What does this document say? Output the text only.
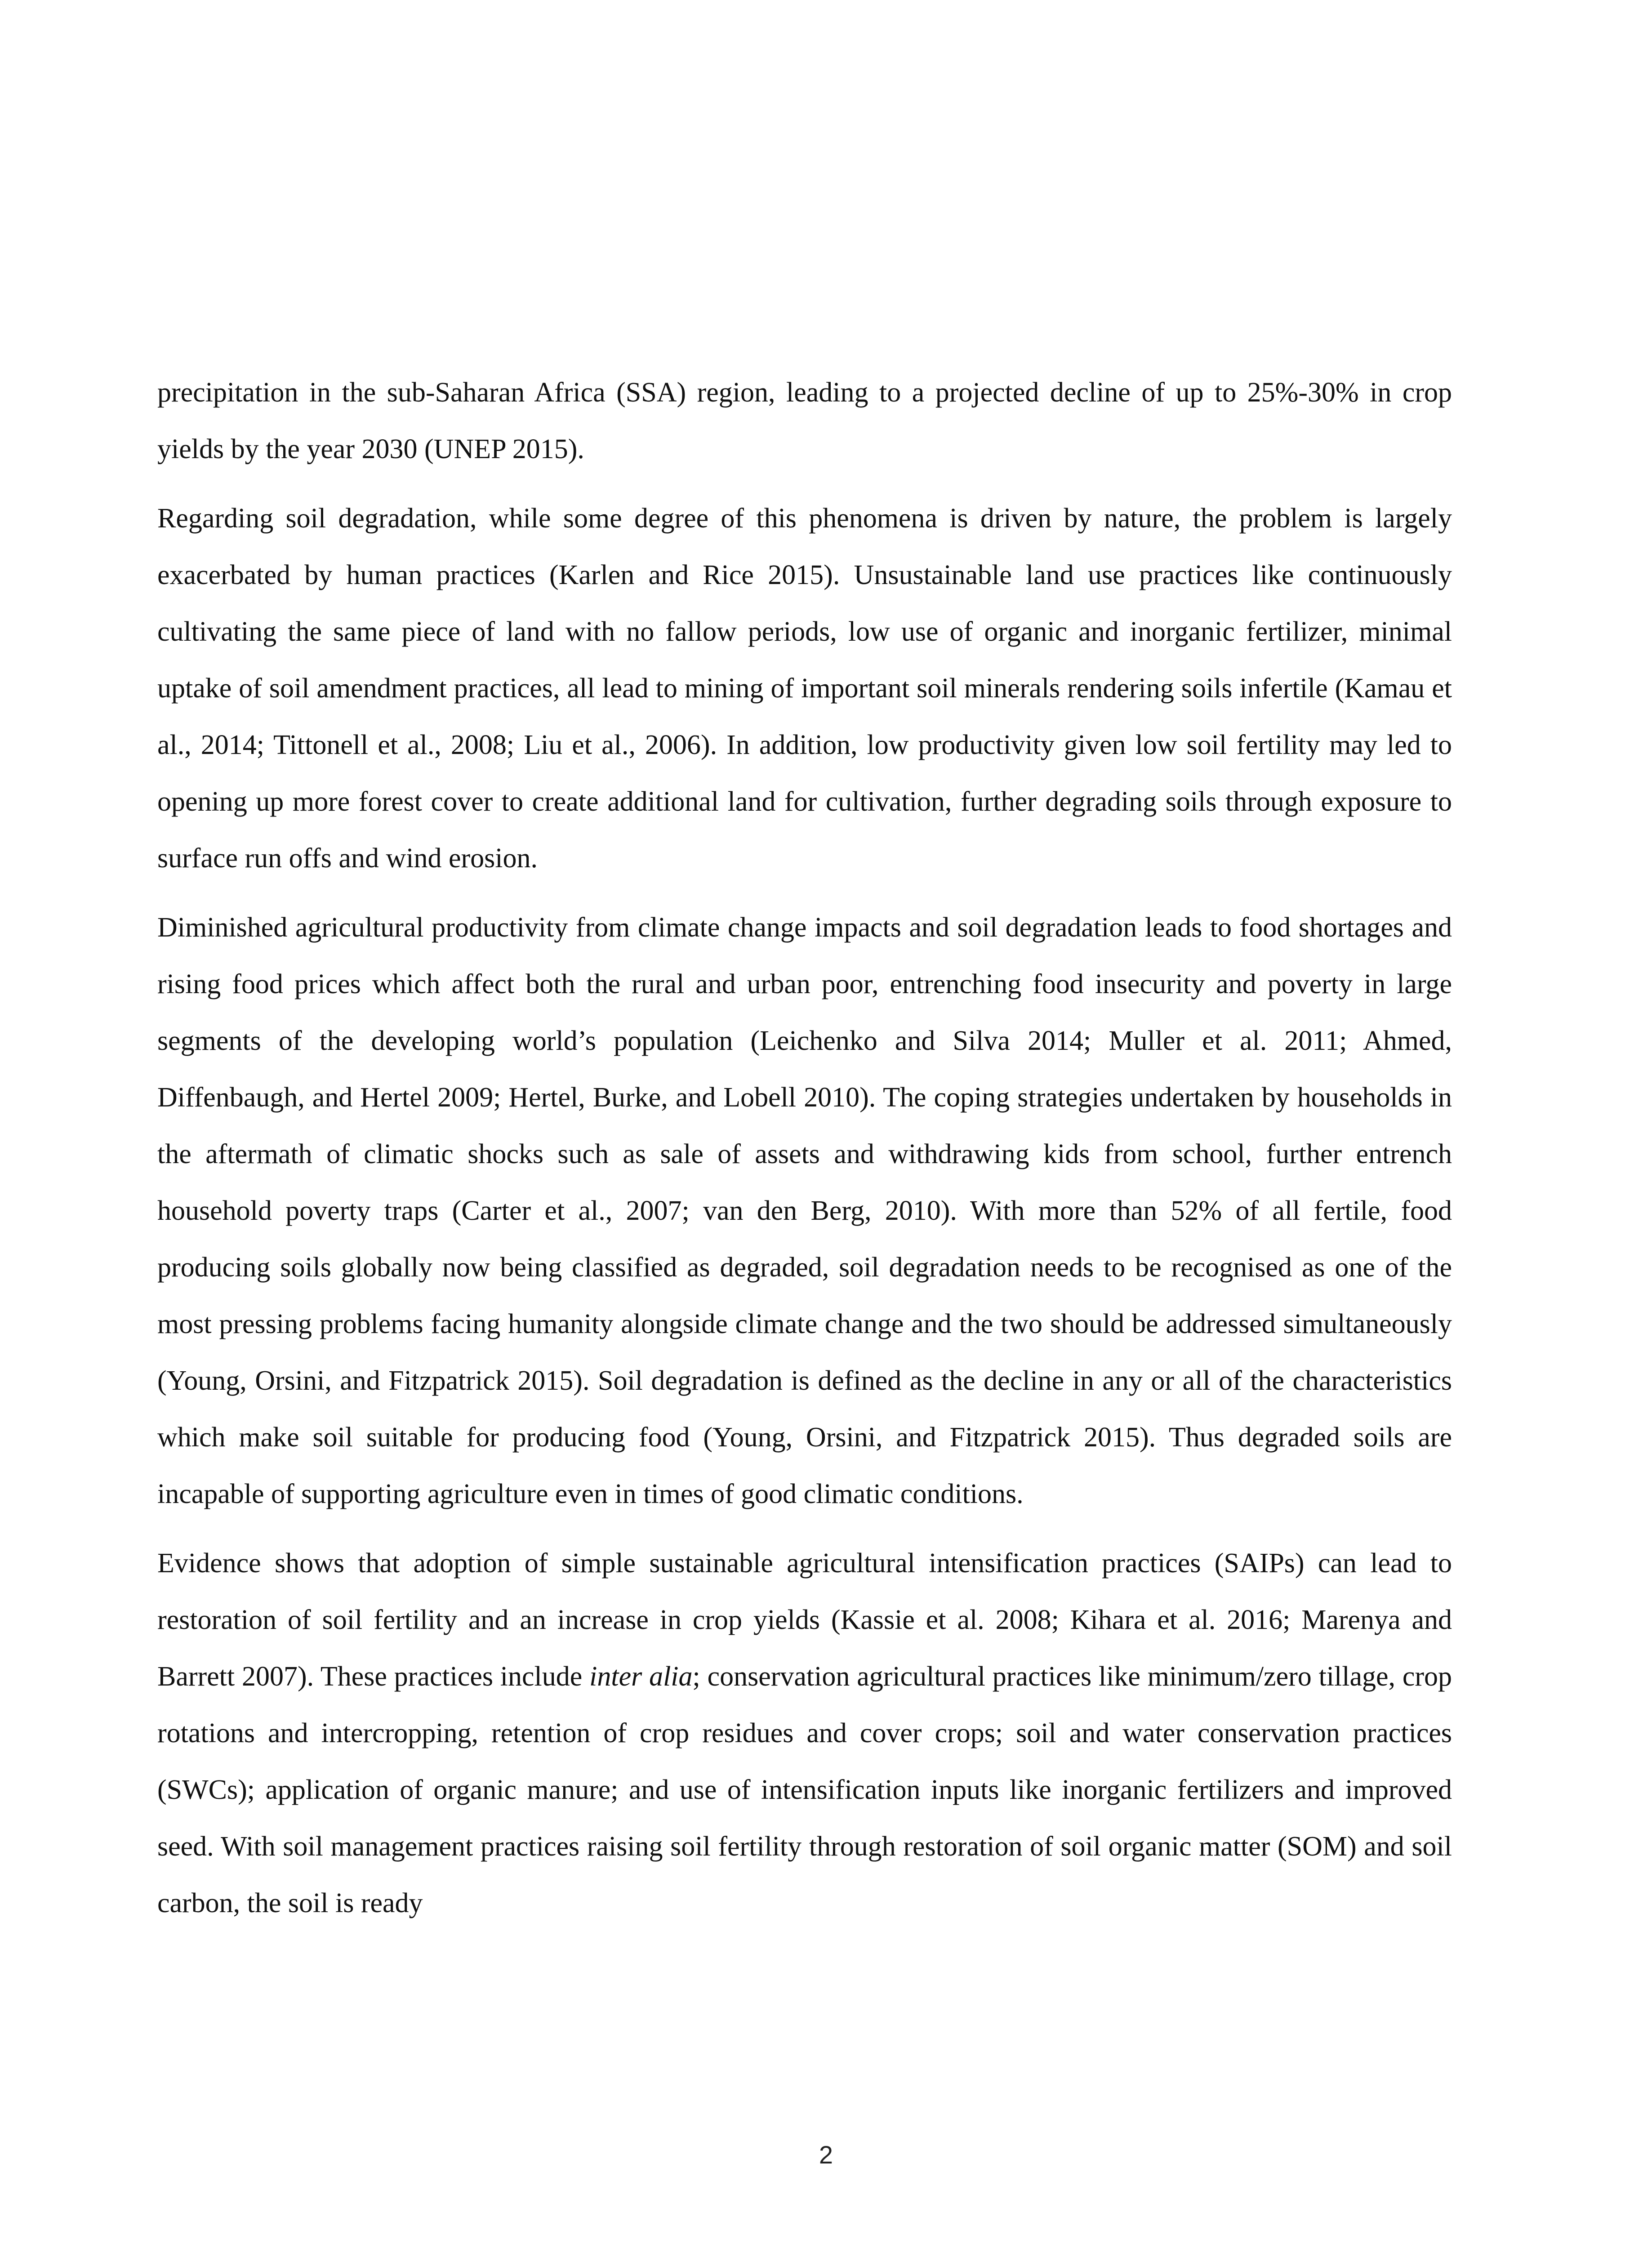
precipitation in the sub-Saharan Africa (SSA) region, leading to a projected decline of up to 25%-30% in crop yields by the year 2030 (UNEP 2015).

Regarding soil degradation, while some degree of this phenomena is driven by nature, the problem is largely exacerbated by human practices (Karlen and Rice 2015). Unsustainable land use practices like continuously cultivating the same piece of land with no fallow periods, low use of organic and inorganic fertilizer, minimal uptake of soil amendment practices, all lead to mining of important soil minerals rendering soils infertile (Kamau et al., 2014; Tittonell et al., 2008; Liu et al., 2006). In addition, low productivity given low soil fertility may led to opening up more forest cover to create additional land for cultivation, further degrading soils through exposure to surface run offs and wind erosion.

Diminished agricultural productivity from climate change impacts and soil degradation leads to food shortages and rising food prices which affect both the rural and urban poor, entrenching food insecurity and poverty in large segments of the developing world’s population (Leichenko and Silva 2014; Muller et al. 2011; Ahmed, Diffenbaugh, and Hertel 2009; Hertel, Burke, and Lobell 2010). The coping strategies undertaken by households in the aftermath of climatic shocks such as sale of assets and withdrawing kids from school, further entrench household poverty traps (Carter et al., 2007; van den Berg, 2010). With more than 52% of all fertile, food producing soils globally now being classified as degraded, soil degradation needs to be recognised as one of the most pressing problems facing humanity alongside climate change and the two should be addressed simultaneously (Young, Orsini, and Fitzpatrick 2015). Soil degradation is defined as the decline in any or all of the characteristics which make soil suitable for producing food (Young, Orsini, and Fitzpatrick 2015). Thus degraded soils are incapable of supporting agriculture even in times of good climatic conditions.

Evidence shows that adoption of simple sustainable agricultural intensification practices (SAIPs) can lead to restoration of soil fertility and an increase in crop yields (Kassie et al. 2008; Kihara et al. 2016; Marenya and Barrett 2007). These practices include inter alia; conservation agricultural practices like minimum/zero tillage, crop rotations and intercropping, retention of crop residues and cover crops; soil and water conservation practices (SWCs); application of organic manure; and use of intensification inputs like inorganic fertilizers and improved seed. With soil management practices raising soil fertility through restoration of soil organic matter (SOM) and soil carbon, the soil is ready

2
